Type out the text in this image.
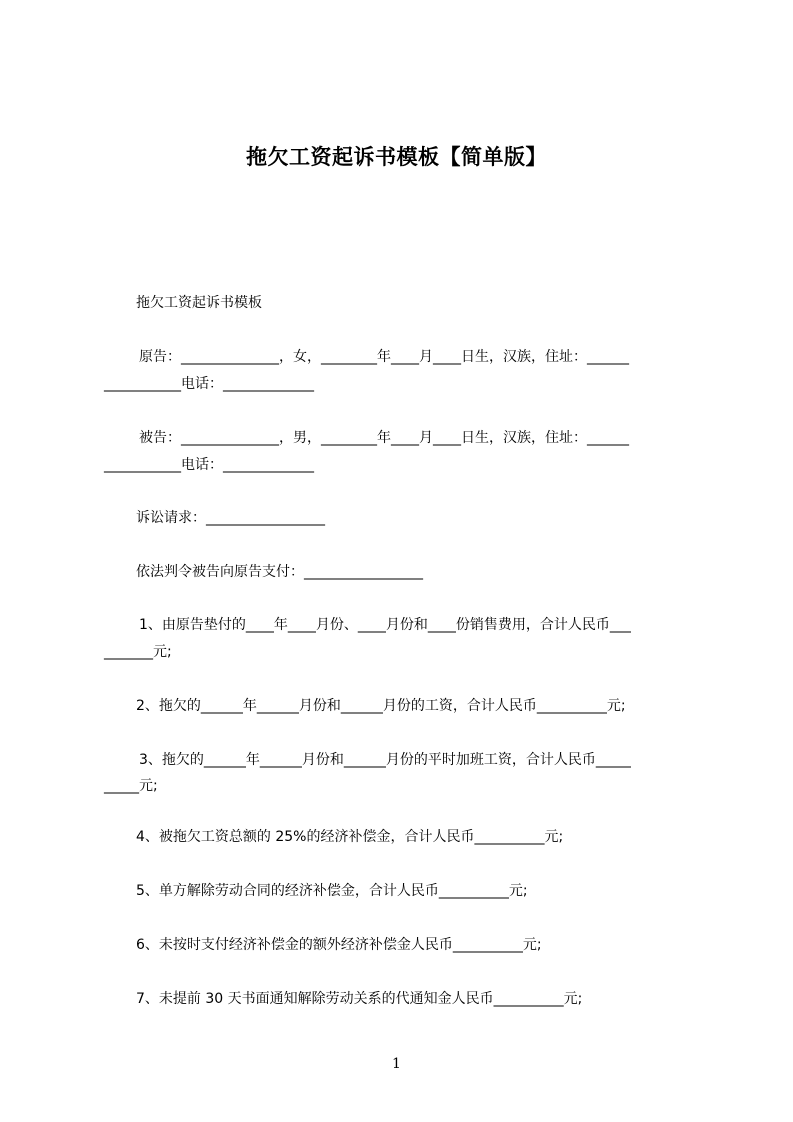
拖欠工资起诉书模板【简单版】
拖欠工资起诉书模板
原告：______________，女，________年____月____日生，汉族，住址：______
___________电话：_____________
被告：______________，男，________年____月____日生，汉族，住址：______
___________电话：_____________
诉讼请求：_________________
依法判令被告向原告支付：_________________
1、由原告垫付的____年____月份、____月份和____份销售费用，合计人民币___
_______元;
2、拖欠的______年______月份和______月份的工资，合计人民币__________元;
3、拖欠的______年______月份和______月份的平时加班工资，合计人民币_____
_____元;
4、被拖欠工资总额的 25%的经济补偿金，合计人民币__________元;
5、单方解除劳动合同的经济补偿金，合计人民币__________元;
6、未按时支付经济补偿金的额外经济补偿金人民币__________元;
7、未提前 30 天书面通知解除劳动关系的代通知金人民币__________元;
1
